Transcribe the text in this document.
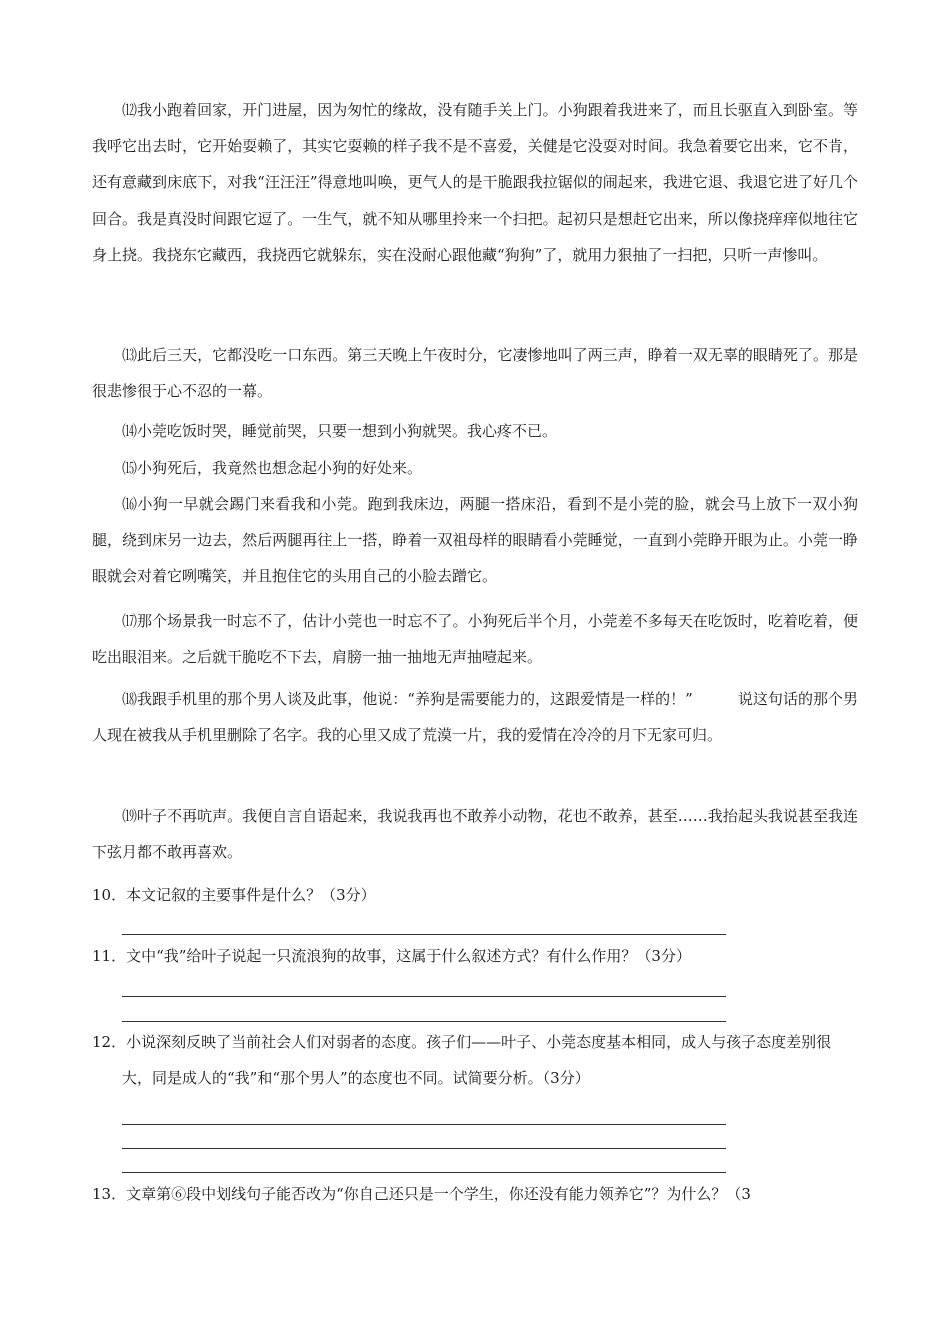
⑿我小跑着回家，开门进屋，因为匆忙的缘故，没有随手关上门。小狗跟着我进来了，而且长驱直入到卧室。等我呼它出去时，它开始耍赖了，其实它耍赖的样子我不是不喜爱，关健是它没耍对时间。我急着要它出来，它不肯，还有意藏到床底下，对我“汪汪汪”得意地叫唤，更气人的是干脆跟我拉锯似的闹起来，我进它退、我退它进了好几个回合。我是真没时间跟它逗了。一生气，就不知从哪里拎来一个扫把。起初只是想赶它出来，所以像挠痒痒似地往它身上挠。我挠东它藏西，我挠西它就躲东，实在没耐心跟他藏“狗狗”了，就用力狠抽了一扫把，只听一声惨叫。

⒀此后三天，它都没吃一口东西。第三天晚上午夜时分，它凄惨地叫了两三声，睁着一双无辜的眼睛死了。那是很悲惨很于心不忍的一幕。

⒁小莞吃饭时哭，睡觉前哭，只要一想到小狗就哭。我心疼不已。

⒂小狗死后，我竟然也想念起小狗的好处来。

⒃小狗一早就会踢门来看我和小莞。跑到我床边，两腿一搭床沿，看到不是小莞的脸，就会马上放下一双小狗腿，绕到床另一边去，然后两腿再往上一搭，睁着一双祖母样的眼睛看小莞睡觉，一直到小莞睁开眼为止。小莞一睁眼就会对着它咧嘴笑，并且抱住它的头用自己的小脸去蹭它。

⒄那个场景我一时忘不了，估计小莞也一时忘不了。小狗死后半个月，小莞差不多每天在吃饭时，吃着吃着，便吃出眼泪来。之后就干脆吃不下去，肩膀一抽一抽地无声抽噎起来。

⒅我跟手机里的那个男人谈及此事，他说：“养狗是需要能力的，这跟爱情是一样的！”　　　说这句话的那个男人现在被我从手机里删除了名字。我的心里又成了荒漠一片，我的爱情在冷冷的月下无家可归。

⒆叶子不再吭声。我便自言自语起来，我说我再也不敢养小动物，花也不敢养，甚至……我抬起头我说甚至我连下弦月都不敢再喜欢。

10．本文记叙的主要事件是什么？（3分）

11．文中“我”给叶子说起一只流浪狗的故事，这属于什么叙述方式？有什么作用？（3分）

12．小说深刻反映了当前社会人们对弱者的态度。孩子们——叶子、小莞态度基本相同，成人与孩子态度差别很大，同是成人的“我”和“那个男人”的态度也不同。试简要分析。（3分）

13．文章第⑥段中划线句子能否改为“你自己还只是一个学生，你还没有能力领养它”？为什么？（3
